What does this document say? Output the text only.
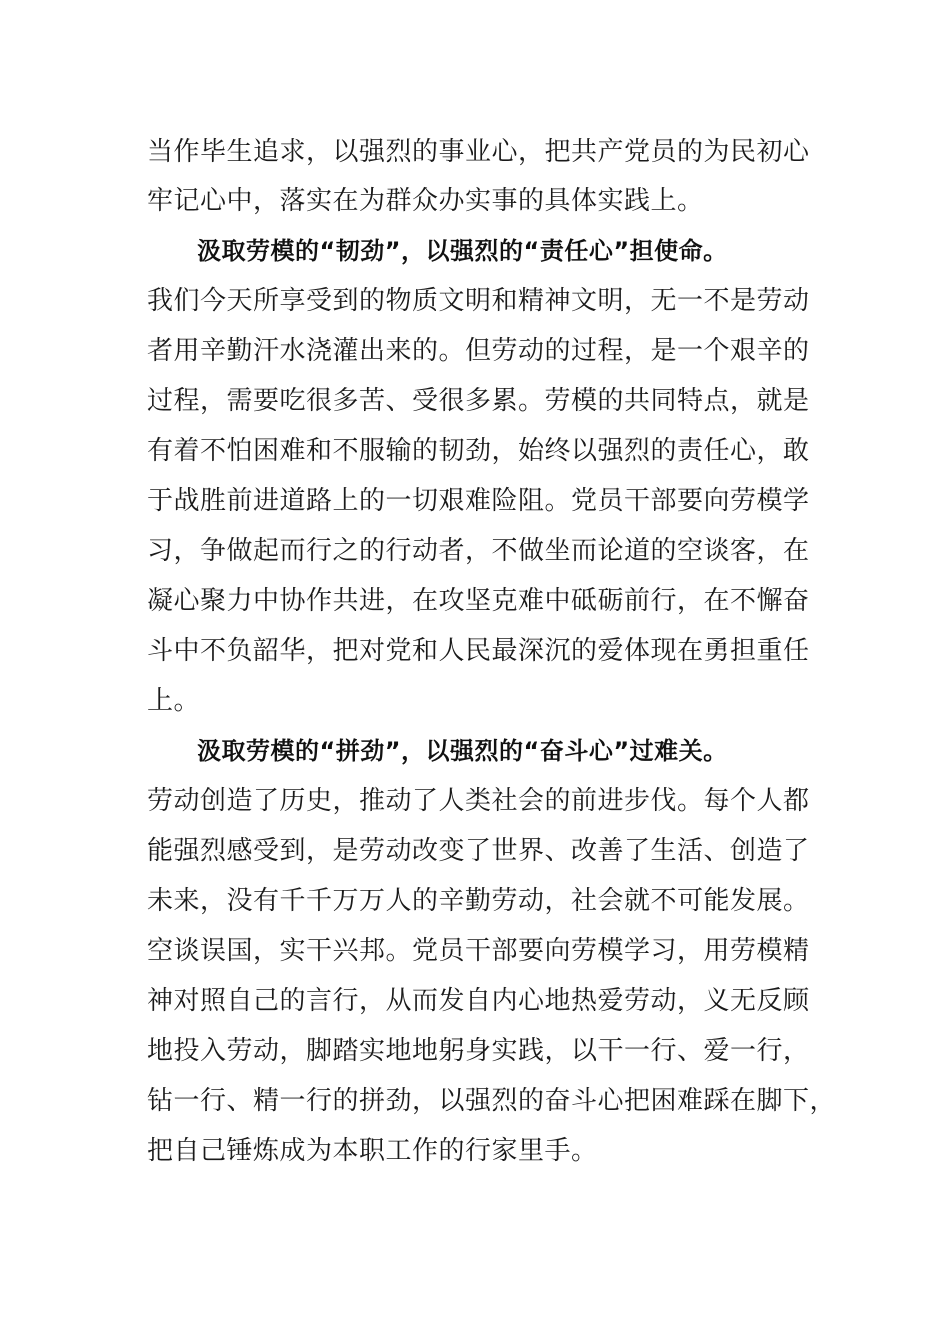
当作毕生追求，以强烈的事业心，把共产党员的为民初心
牢记心中，落实在为群众办实事的具体实践上。
汲取劳模的“韧劲”，以强烈的“责任心”担使命。
我们今天所享受到的物质文明和精神文明，无一不是劳动
者用辛勤汗水浇灌出来的。但劳动的过程，是一个艰辛的
过程，需要吃很多苦、受很多累。劳模的共同特点，就是
有着不怕困难和不服输的韧劲，始终以强烈的责任心，敢
于战胜前进道路上的一切艰难险阻。党员干部要向劳模学
习，争做起而行之的行动者，不做坐而论道的空谈客，在
凝心聚力中协作共进，在攻坚克难中砥砺前行，在不懈奋
斗中不负韶华，把对党和人民最深沉的爱体现在勇担重任
上。
汲取劳模的“拼劲”，以强烈的“奋斗心”过难关。
劳动创造了历史，推动了人类社会的前进步伐。每个人都
能强烈感受到，是劳动改变了世界、改善了生活、创造了
未来，没有千千万万人的辛勤劳动，社会就不可能发展。
空谈误国，实干兴邦。党员干部要向劳模学习，用劳模精
神对照自己的言行，从而发自内心地热爱劳动，义无反顾
地投入劳动，脚踏实地地躬身实践，以干一行、爱一行，
钻一行、精一行的拼劲，以强烈的奋斗心把困难踩在脚下，
把自己锤炼成为本职工作的行家里手。
